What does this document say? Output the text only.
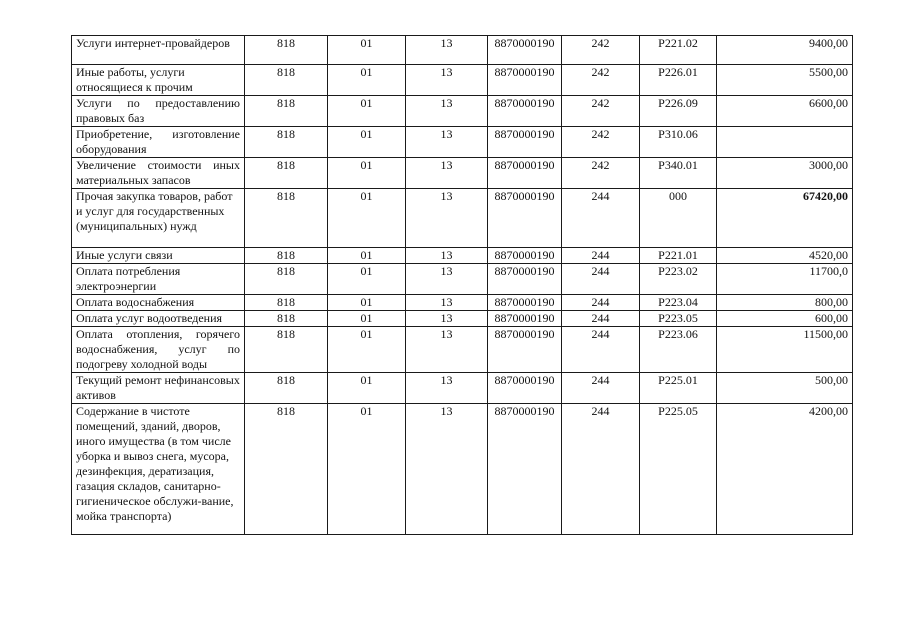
Услуги интернет-провайдеров	818	01	13	8870000190	242	Р221.02	9400,00
Иные работы, услуги относящиеся к прочим	818	01	13	8870000190	242	Р226.01	5500,00
Услуги по предоставлению правовых баз	818	01	13	8870000190	242	Р226.09	6600,00
Приобретение, изготовление оборудования	818	01	13	8870000190	242	Р310.06	
Увеличение стоимости иных материальных запасов	818	01	13	8870000190	242	Р340.01	3000,00
Прочая закупка товаров, работ и услуг для государственных (муниципальных) нужд	818	01	13	8870000190	244	000	67420,00
Иные услуги связи	818	01	13	8870000190	244	Р221.01	4520,00
Оплата потребления электроэнергии	818	01	13	8870000190	244	Р223.02	11700,0
Оплата водоснабжения	818	01	13	8870000190	244	Р223.04	800,00
Оплата услуг водоотведения	818	01	13	8870000190	244	Р223.05	600,00
Оплата отопления, горячего водоснабжения, услуг по подогреву холодной воды	818	01	13	8870000190	244	Р223.06	11500,00
Текущий ремонт нефинансовых активов	818	01	13	8870000190	244	Р225.01	500,00
Содержание в чистоте помещений, зданий, дворов, иного имущества (в том числе уборка и вывоз снега, мусора, дезинфекция, дератизация, газация складов, санитарно-гигиеническое обслужи-вание, мойка транспорта)	818	01	13	8870000190	244	Р225.05	4200,00
